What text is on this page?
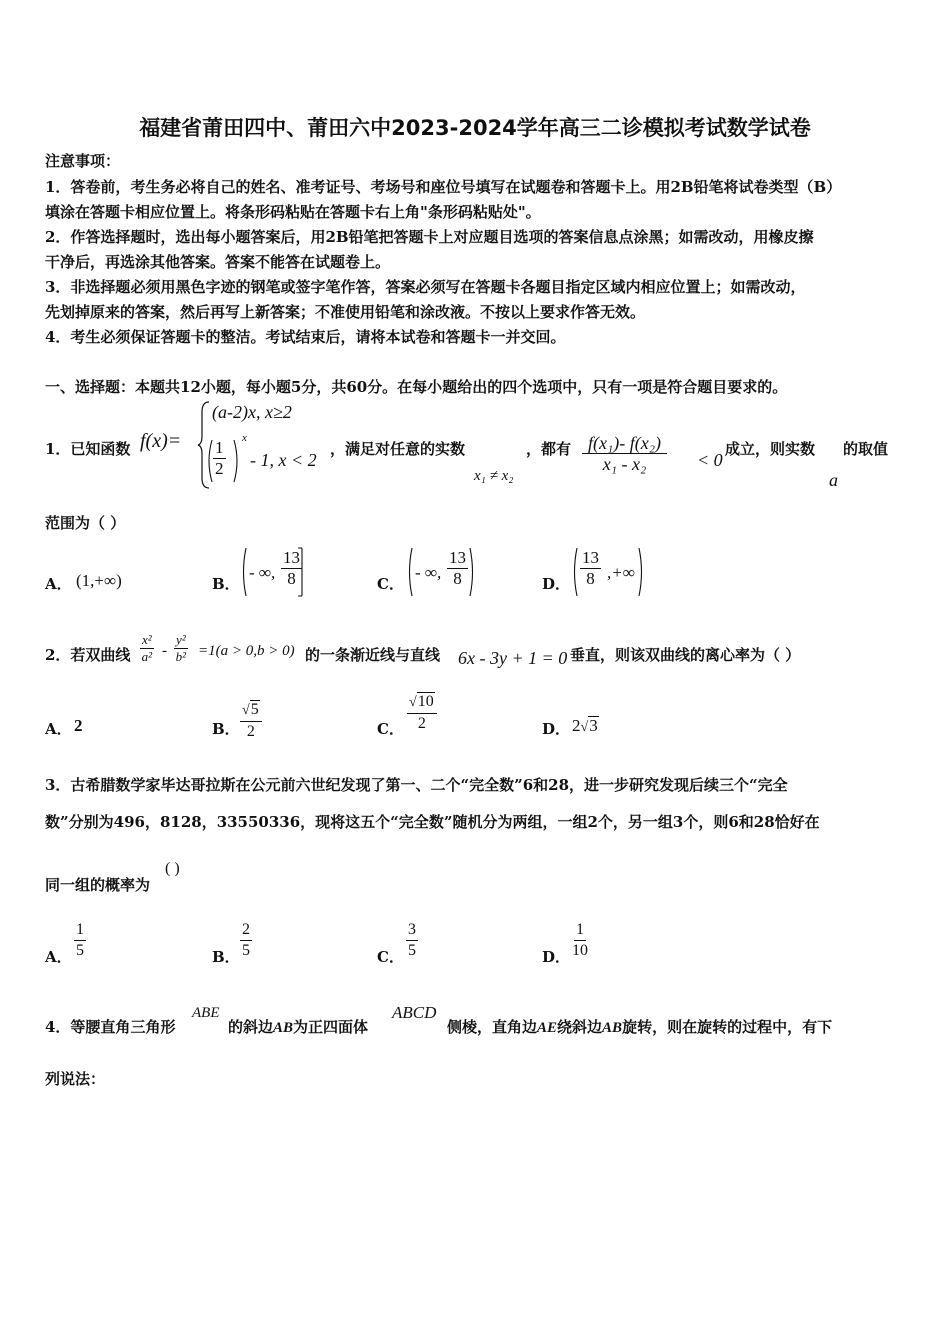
福建省莆田四中、莆田六中2023-2024学年高三二诊模拟考试数学试卷
注意事项：
1．答卷前，考生务必将自己的姓名、准考证号、考场号和座位号填写在试题卷和答题卡上。用2B铅笔将试卷类型（B）
填涂在答题卡相应位置上。将条形码粘贴在答题卡右上角"条形码粘贴处"。
2．作答选择题时，选出每小题答案后，用2B铅笔把答题卡上对应题目选项的答案信息点涂黑；如需改动，用橡皮擦
干净后，再选涂其他答案。答案不能答在试题卷上。
3．非选择题必须用黑色字迹的钢笔或签字笔作答，答案必须写在答题卡各题目指定区域内相应位置上；如需改动，
先划掉原来的答案，然后再写上新答案；不准使用铅笔和涂改液。不按以上要求作答无效。
4．考生必须保证答题卡的整洁。考试结束后，请将本试卷和答题卡一并交回。
一、选择题：本题共12小题，每小题5分，共60分。在每小题给出的四个选项中，只有一项是符合题目要求的。
1．已知函数 f(x)=
(a-2)x, x≥2
$\frac{1}{2}$ x
- 1, x < 2
，满足对任意的实数
x₁ ≠ x₂
，都有 $\frac{\text{f(x₁)- f(x₂)}}{\text{x₁ - x₂}} < 0$
成立，则实数
a
的取值
范围为（ ）
A． (1,+∞)	B．
- ∞, $\frac{13}{8}$	C．
- ∞, $\frac{13}{8}$	D． $\frac{13}{8}$ ,+∞
2．若双曲线 $\frac{\text{x²}}{\text{a²}} - \frac{\text{y²}}{\text{b²}} =1(a > 0,b > 0)$ 的一条渐近线与直线 6x - 3y + 1 = 0 垂直，则该双曲线的离心率为（ ）
A． 2	B． $\frac{√5}{2}$	C． $\frac{√10}{2}$	D． 2√3
3．古希腊数学家毕达哥拉斯在公元前六世纪发现了第一、二个“完全数”6和28，进一步研究发现后续三个“完全
数”分别为496，8128，33550336，现将这五个“完全数”随机分为两组，一组2个，另一组3个，则6和28恰好在
同一组的概率为
( )
A． $\frac{1}{5}$	B． $\frac{2}{5}$	C． $\frac{3}{5}$	D． $\frac{1}{10}$
4．等腰直角三角形
ABE
的斜边AB为正四面体
ABCD
侧棱，直角边AE绕斜边AB旋转，则在旋转的过程中，有下
列说法：
